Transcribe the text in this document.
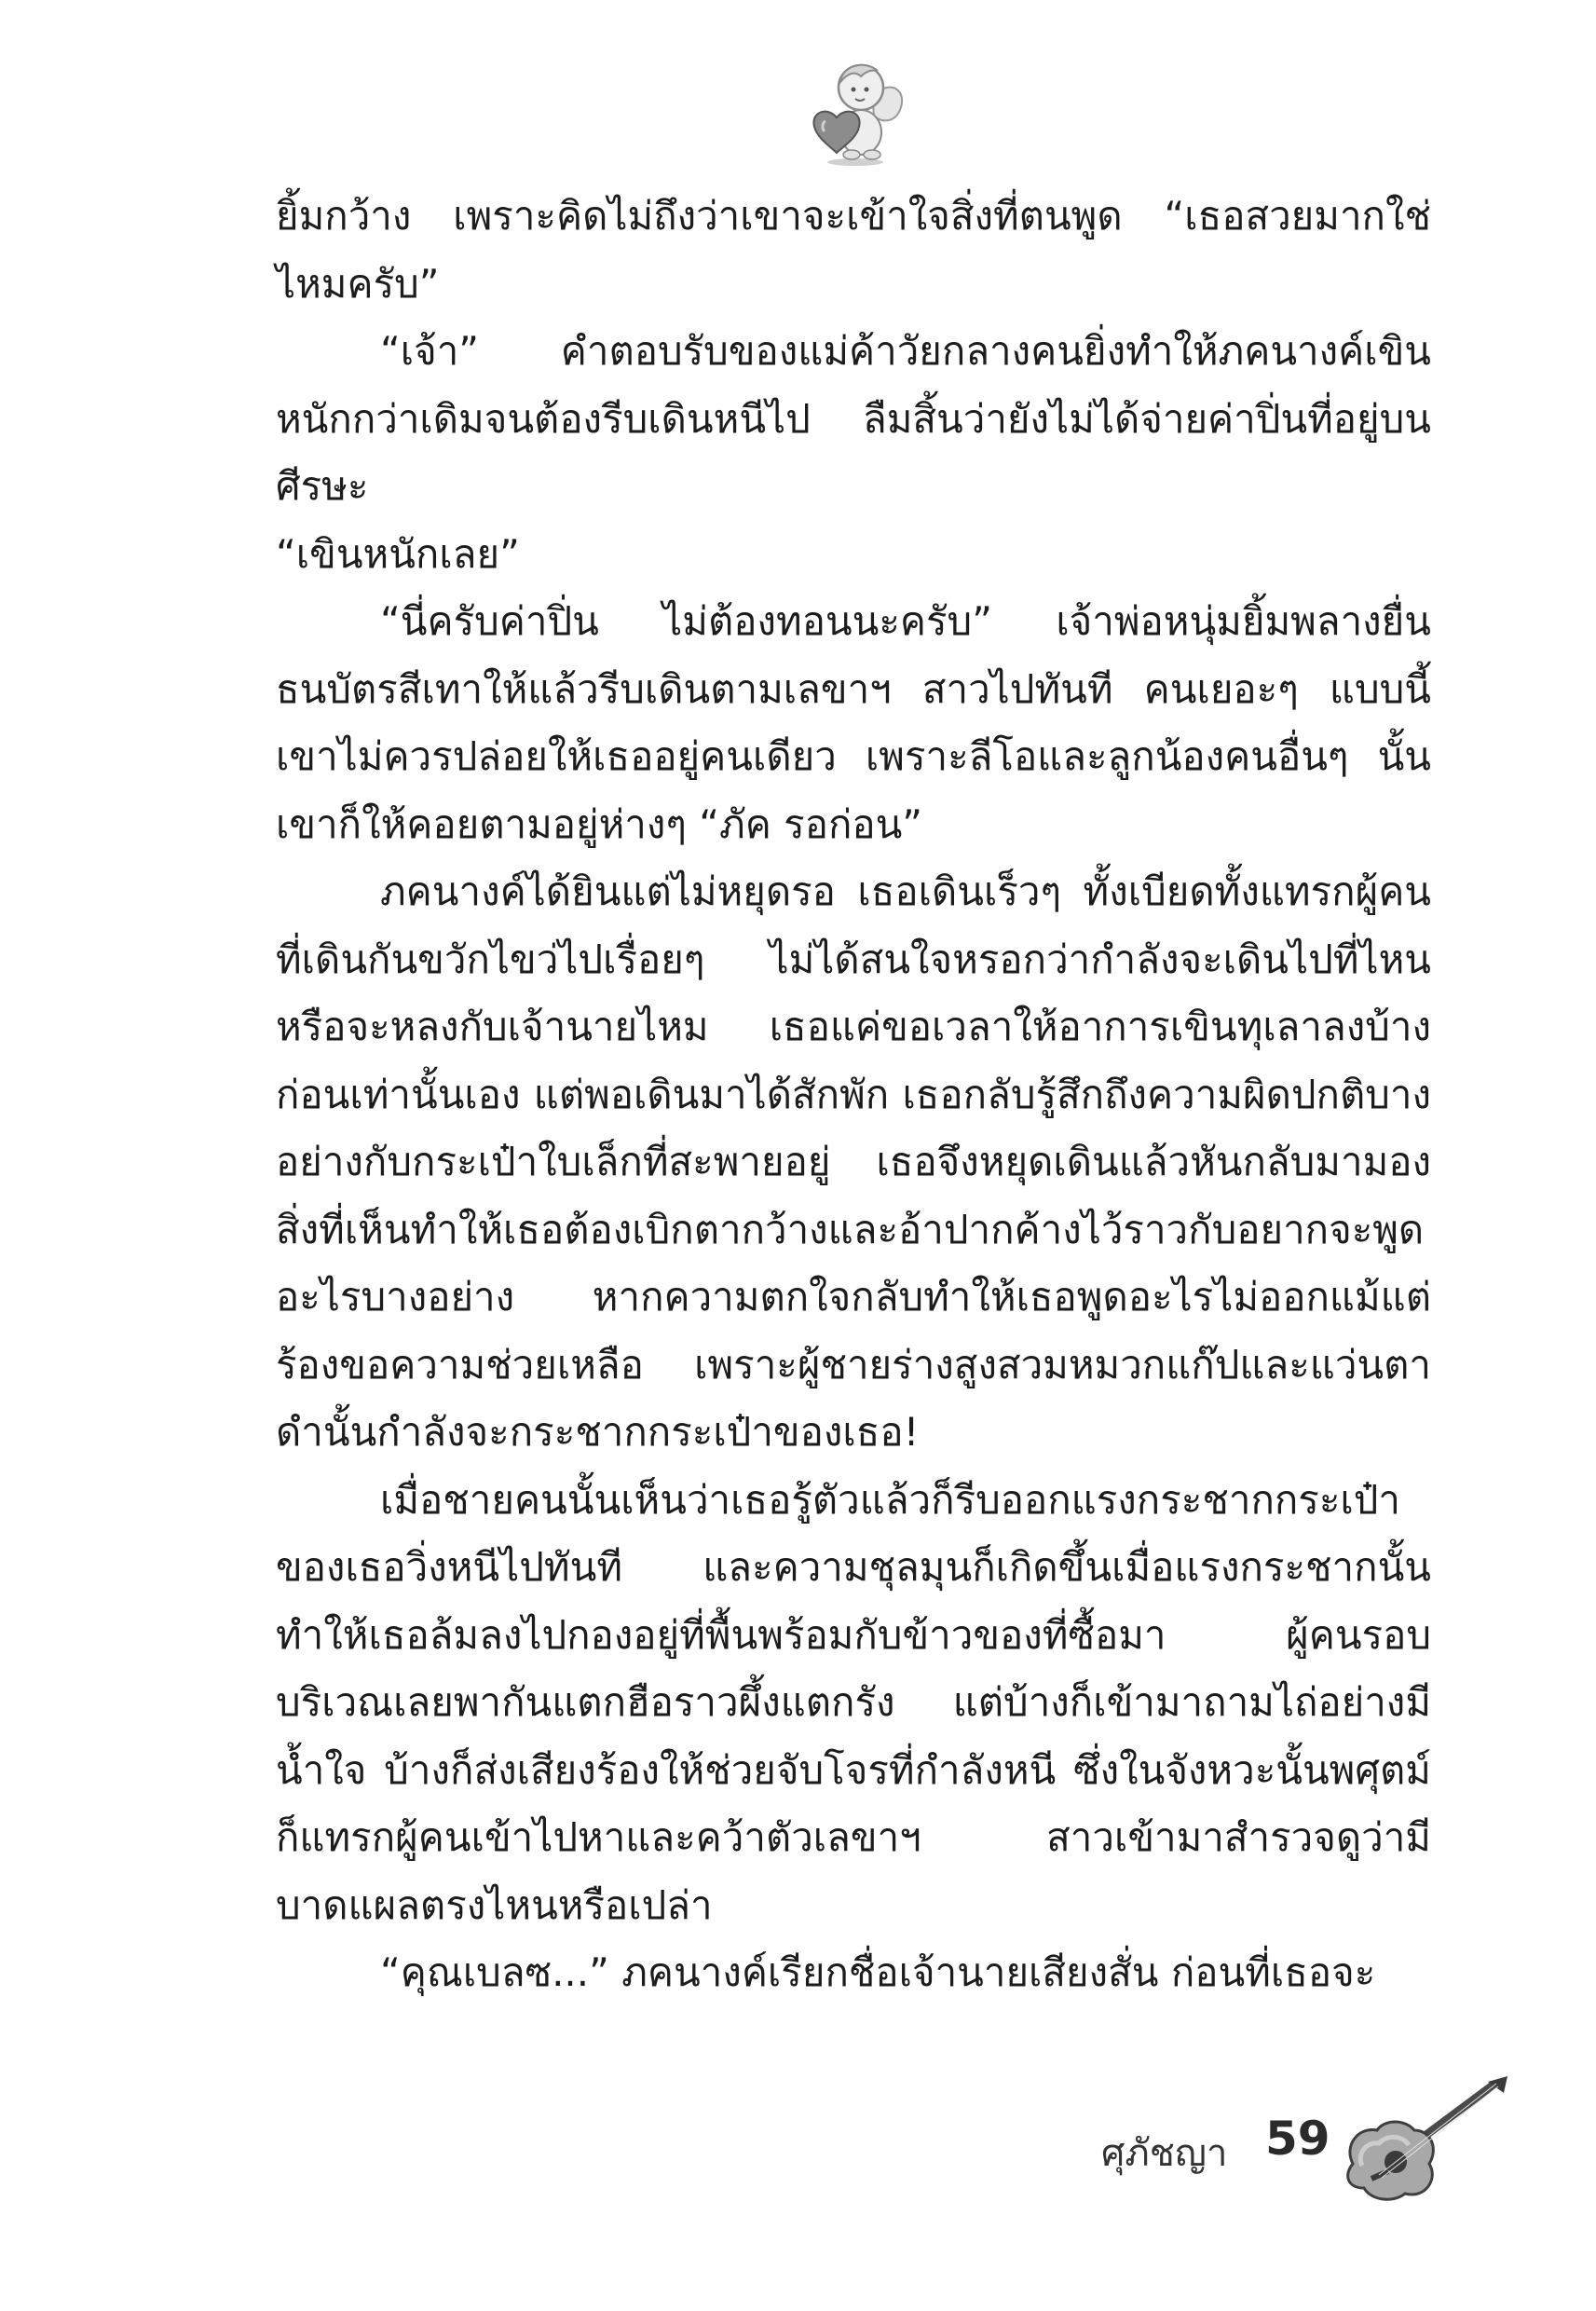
ยิ้มกว้าง เพราะคิดไม่ถึงว่าเขาจะเข้าใจสิ่งที่ตนพูด “เธอสวยมากใช่ไหมครับ”

“เจ้า” คำตอบรับของแม่ค้าวัยกลางคนยิ่งทำให้ภคนางค์เขินหนักกว่าเดิมจนต้องรีบเดินหนีไป ลืมสิ้นว่ายังไม่ได้จ่ายค่าปิ่นที่อยู่บนศีรษะ

“เขินหนักเลย”

“นี่ครับค่าปิ่น ไม่ต้องทอนนะครับ” เจ้าพ่อหนุ่มยิ้มพลางยื่นธนบัตรสีเทาให้แล้วรีบเดินตามเลขาฯ สาวไปทันที คนเยอะๆ แบบนี้เขาไม่ควรปล่อยให้เธออยู่คนเดียว เพราะลีโอและลูกน้องคนอื่นๆ นั้นเขาก็ให้คอยตามอยู่ห่างๆ “ภัค รอก่อน”

ภคนางค์ได้ยินแต่ไม่หยุดรอ เธอเดินเร็วๆ ทั้งเบียดทั้งแทรกผู้คนที่เดินกันขวักไขว่ไปเรื่อยๆ ไม่ได้สนใจหรอกว่ากำลังจะเดินไปที่ไหนหรือจะหลงกับเจ้านายไหม เธอแค่ขอเวลาให้อาการเขินทุเลาลงบ้างก่อนเท่านั้นเอง แต่พอเดินมาได้สักพัก เธอกลับรู้สึกถึงความผิดปกติบางอย่างกับกระเป๋าใบเล็กที่สะพายอยู่ เธอจึงหยุดเดินแล้วหันกลับมามอง สิ่งที่เห็นทำให้เธอต้องเบิกตากว้างและอ้าปากค้างไว้ราวกับอยากจะพูดอะไรบางอย่าง หากความตกใจกลับทำให้เธอพูดอะไรไม่ออกแม้แต่ร้องขอความช่วยเหลือ เพราะผู้ชายร่างสูงสวมหมวกแก๊ปและแว่นตาดำนั้นกำลังจะกระชากกระเป๋าของเธอ!

เมื่อชายคนนั้นเห็นว่าเธอรู้ตัวแล้วก็รีบออกแรงกระชากกระเป๋าของเธอวิ่งหนีไปทันที และความชุลมุนก็เกิดขึ้นเมื่อแรงกระชากนั้นทำให้เธอล้มลงไปกองอยู่ที่พื้นพร้อมกับข้าวของที่ซื้อมา ผู้คนรอบบริเวณเลยพากันแตกฮือราวผึ้งแตกรัง แต่บ้างก็เข้ามาถามไถ่อย่างมีน้ำใจ บ้างก็ส่งเสียงร้องให้ช่วยจับโจรที่กำลังหนี ซึ่งในจังหวะนั้นพศุตม์ก็แทรกผู้คนเข้าไปหาและคว้าตัวเลขาฯ สาวเข้ามาสำรวจดูว่ามีบาดแผลตรงไหนหรือเปล่า

“คุณเบลซ...” ภคนางค์เรียกชื่อเจ้านายเสียงสั่น ก่อนที่เธอจะ

ศุภัชญา 59
